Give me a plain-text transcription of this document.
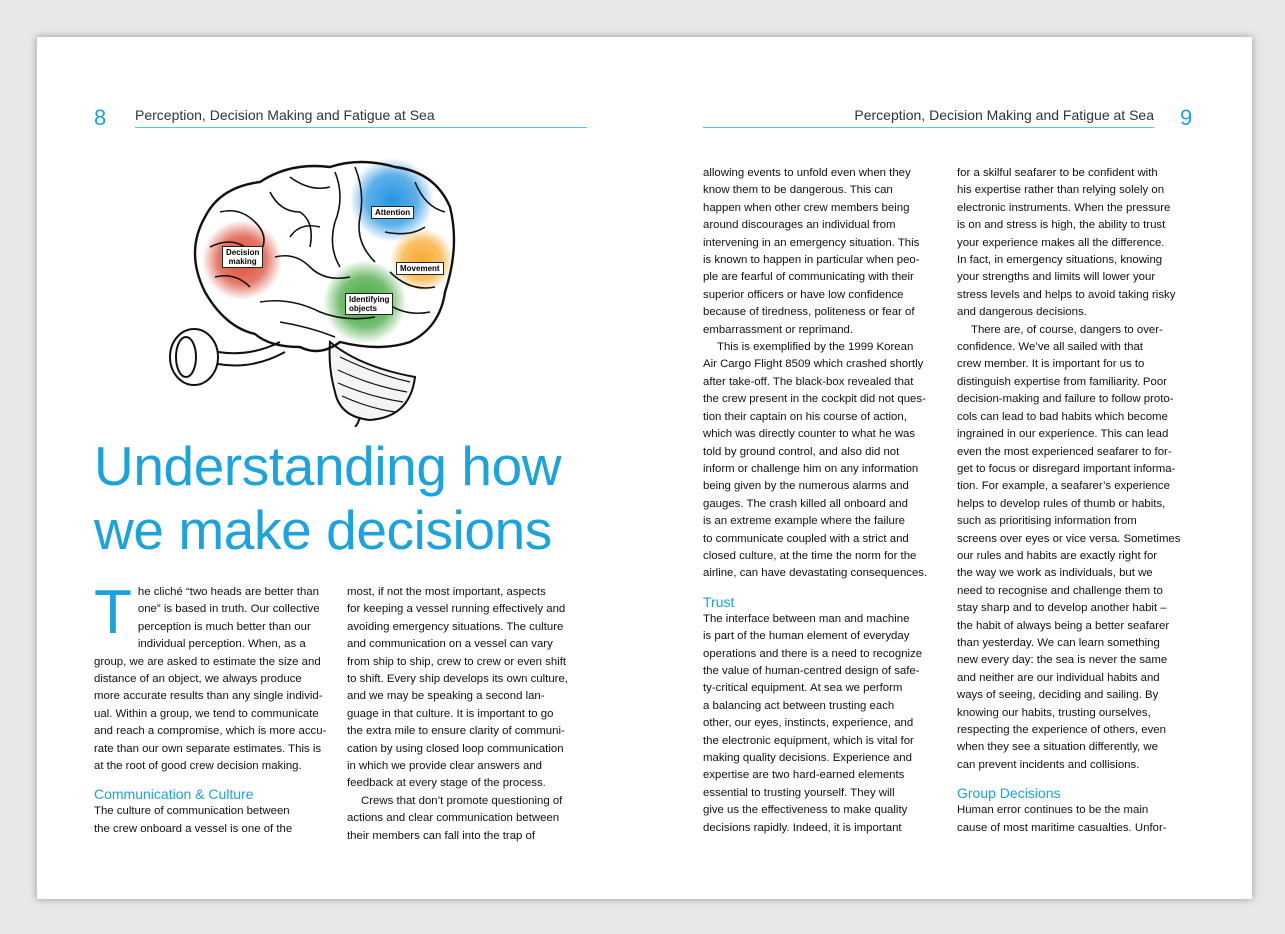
8 Perception, Decision Making and Fatigue at Sea	Perception, Decision Making and Fatigue at Sea 9
Decision
making
Attention
Movement
Identifying
objects
Understanding how
we make decisions
T he cliché “two heads are better than

one” is based in truth. Our collective

perception is much better than our

individual perception. When, as a

group, we are asked to estimate the size and

distance of an object, we always produce

more accurate results than any single individ-

ual. Within a group, we tend to communicate

and reach a compromise, which is more accu-

rate than our own separate estimates. This is

at the root of good crew decision making.

Communication & Culture

The culture of communication between

the crew onboard a vessel is one of the

most, if not the most important, aspects

for keeping a vessel running effectively and

avoiding emergency situations. The culture

and communication on a vessel can vary

from ship to ship, crew to crew or even shift

to shift. Every ship develops its own culture,

and we may be speaking a second lan-

guage in that culture. It is important to go

the extra mile to ensure clarity of communi-

cation by using closed loop communication

in which we provide clear answers and

feedback at every stage of the process.

Crews that don’t promote questioning of

actions and clear communication between

their members can fall into the trap of

allowing events to unfold even when they

know them to be dangerous. This can

happen when other crew members being

around discourages an individual from

intervening in an emergency situation. This

is known to happen in particular when peo-

ple are fearful of communicating with their

superior officers or have low confidence

because of tiredness, politeness or fear of

embarrassment or reprimand.

This is exemplified by the 1999 Korean

Air Cargo Flight 8509 which crashed shortly

after take-off. The black-box revealed that

the crew present in the cockpit did not ques-

tion their captain on his course of action,

which was directly counter to what he was

told by ground control, and also did not

inform or challenge him on any information

being given by the numerous alarms and

gauges. The crash killed all onboard and

is an extreme example where the failure

to communicate coupled with a strict and

closed culture, at the time the norm for the

airline, can have devastating consequences.

Trust

The interface between man and machine

is part of the human element of everyday

operations and there is a need to recognize

the value of human-centred design of safe-

ty-critical equipment. At sea we perform

a balancing act between trusting each

other, our eyes, instincts, experience, and

the electronic equipment, which is vital for

making quality decisions. Experience and

expertise are two hard-earned elements

essential to trusting yourself. They will

give us the effectiveness to make quality

decisions rapidly. Indeed, it is important

for a skilful seafarer to be confident with

his expertise rather than relying solely on

electronic instruments. When the pressure

is on and stress is high, the ability to trust

your experience makes all the difference.

In fact, in emergency situations, knowing

your strengths and limits will lower your

stress levels and helps to avoid taking risky

and dangerous decisions.

There are, of course, dangers to over-

confidence. We’ve all sailed with that

crew member. It is important for us to

distinguish expertise from familiarity. Poor

decision-making and failure to follow proto-

cols can lead to bad habits which become

ingrained in our experience. This can lead

even the most experienced seafarer to for-

get to focus or disregard important informa-

tion. For example, a seafarer’s experience

helps to develop rules of thumb or habits,

such as prioritising information from

screens over eyes or vice versa. Sometimes

our rules and habits are exactly right for

the way we work as individuals, but we

need to recognise and challenge them to

stay sharp and to develop another habit –

the habit of always being a better seafarer

than yesterday. We can learn something

new every day: the sea is never the same

and neither are our individual habits and

ways of seeing, deciding and sailing. By

knowing our habits, trusting ourselves,

respecting the experience of others, even

when they see a situation differently, we

can prevent incidents and collisions.

Group Decisions

Human error continues to be the main

cause of most maritime casualties. Unfor-
